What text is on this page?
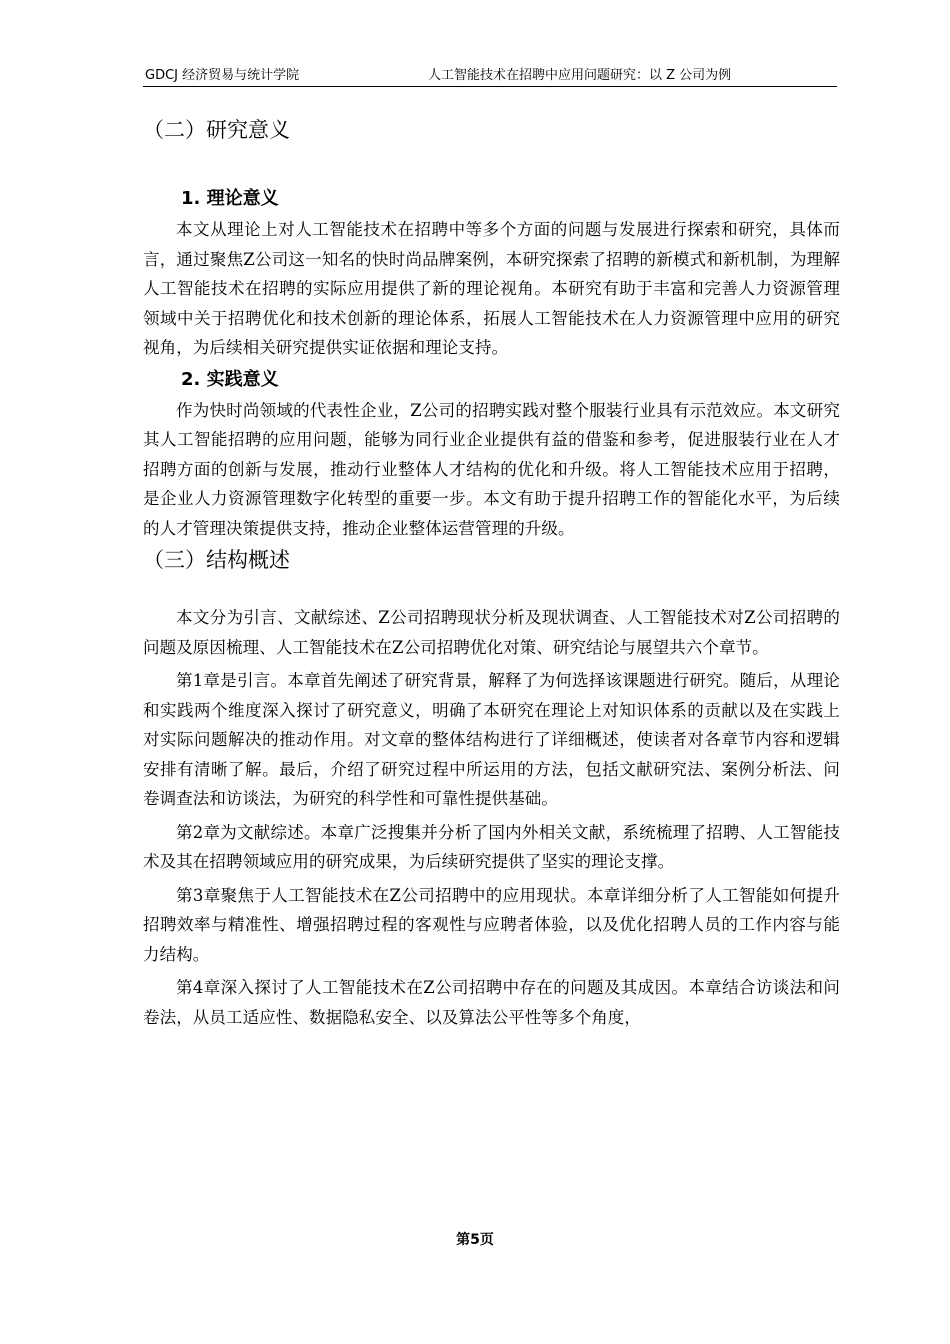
GDCJ 经济贸易与统计学院	人工智能技术在招聘中应用问题研究：以 Z 公司为例
（二）研究意义
1. 理论意义

本文从理论上对人工智能技术在招聘中等多个方面的问题与发展进行探索和研究，具体而言，通过聚焦Z公司这一知名的快时尚品牌案例，本研究探索了招聘的新模式和新机制，为理解人工智能技术在招聘的实际应用提供了新的理论视角。本研究有助于丰富和完善人力资源管理领域中关于招聘优化和技术创新的理论体系，拓展人工智能技术在人力资源管理中应用的研究视角，为后续相关研究提供实证依据和理论支持。

2. 实践意义

作为快时尚领域的代表性企业，Z公司的招聘实践对整个服装行业具有示范效应。本文研究其人工智能招聘的应用问题，能够为同行业企业提供有益的借鉴和参考，促进服装行业在人才招聘方面的创新与发展，推动行业整体人才结构的优化和升级。将人工智能技术应用于招聘，是企业人力资源管理数字化转型的重要一步。本文有助于提升招聘工作的智能化水平，为后续的人才管理决策提供支持，推动企业整体运营管理的升级。

（三）结构概述

本文分为引言、文献综述、Z公司招聘现状分析及现状调查、人工智能技术对Z公司招聘的问题及原因梳理、人工智能技术在Z公司招聘优化对策、研究结论与展望共六个章节。

第1章是引言。本章首先阐述了研究背景，解释了为何选择该课题进行研究。随后，从理论和实践两个维度深入探讨了研究意义，明确了本研究在理论上对知识体系的贡献以及在实践上对实际问题解决的推动作用。对文章的整体结构进行了详细概述，使读者对各章节内容和逻辑安排有清晰了解。最后，介绍了研究过程中所运用的方法，包括文献研究法、案例分析法、问卷调查法和访谈法，为研究的科学性和可靠性提供基础。

第2章为文献综述。本章广泛搜集并分析了国内外相关文献，系统梳理了招聘、人工智能技术及其在招聘领域应用的研究成果，为后续研究提供了坚实的理论支撑。

第3章聚焦于人工智能技术在Z公司招聘中的应用现状。本章详细分析了人工智能如何提升招聘效率与精准性、增强招聘过程的客观性与应聘者体验，以及优化招聘人员的工作内容与能力结构。

第4章深入探讨了人工智能技术在Z公司招聘中存在的问题及其成因。本章结合访谈法和问卷法，从员工适应性、数据隐私安全、以及算法公平性等多个角度，

第5页
